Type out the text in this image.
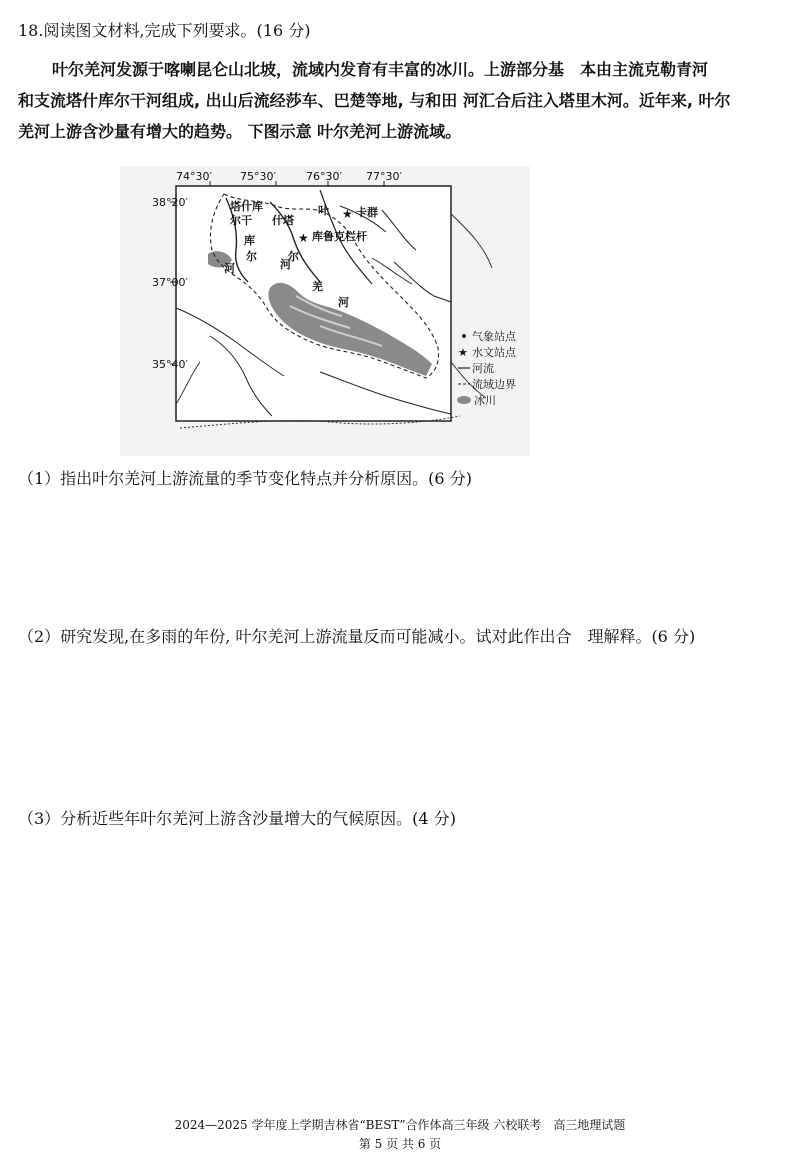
18.阅读图文材料,完成下列要求。(16 分)
叶尔羌河发源于喀喇昆仑山北坡，流域内发育有丰富的冰川。上游部分基　本由主流克勒青河
和支流塔什库尔干河组成, 出山后流经莎车、巴楚等地, 与和田 河汇合后注入塔里木河。近年来, 叶尔
羌河上游含沙量有增大的趋势。 下图示意 叶尔羌河上游流域。
★
★
38°20′
37°00′
35°40′
74°30′	75°30′	76°30′ 77°30′
塔什库
尔干 什塔
叶 卡群
库鲁克栏杆
库
尔
河
尔
羌
河
河
气象站点
★ 水文站点
河流
流域边界
冰川
（1）指出叶尔羌河上游流量的季节变化特点并分析原因。(6 分)
（2）研究发现,在多雨的年份, 叶尔羌河上游流量反而可能减小。试对此作出合　理解释。(6 分)
（3）分析近些年叶尔羌河上游含沙量增大的气候原因。(4 分)
2024—2025 学年度上学期吉林省“BEST”合作体高三年级 六校联考　高三地理试题
第 5 页 共 6 页
